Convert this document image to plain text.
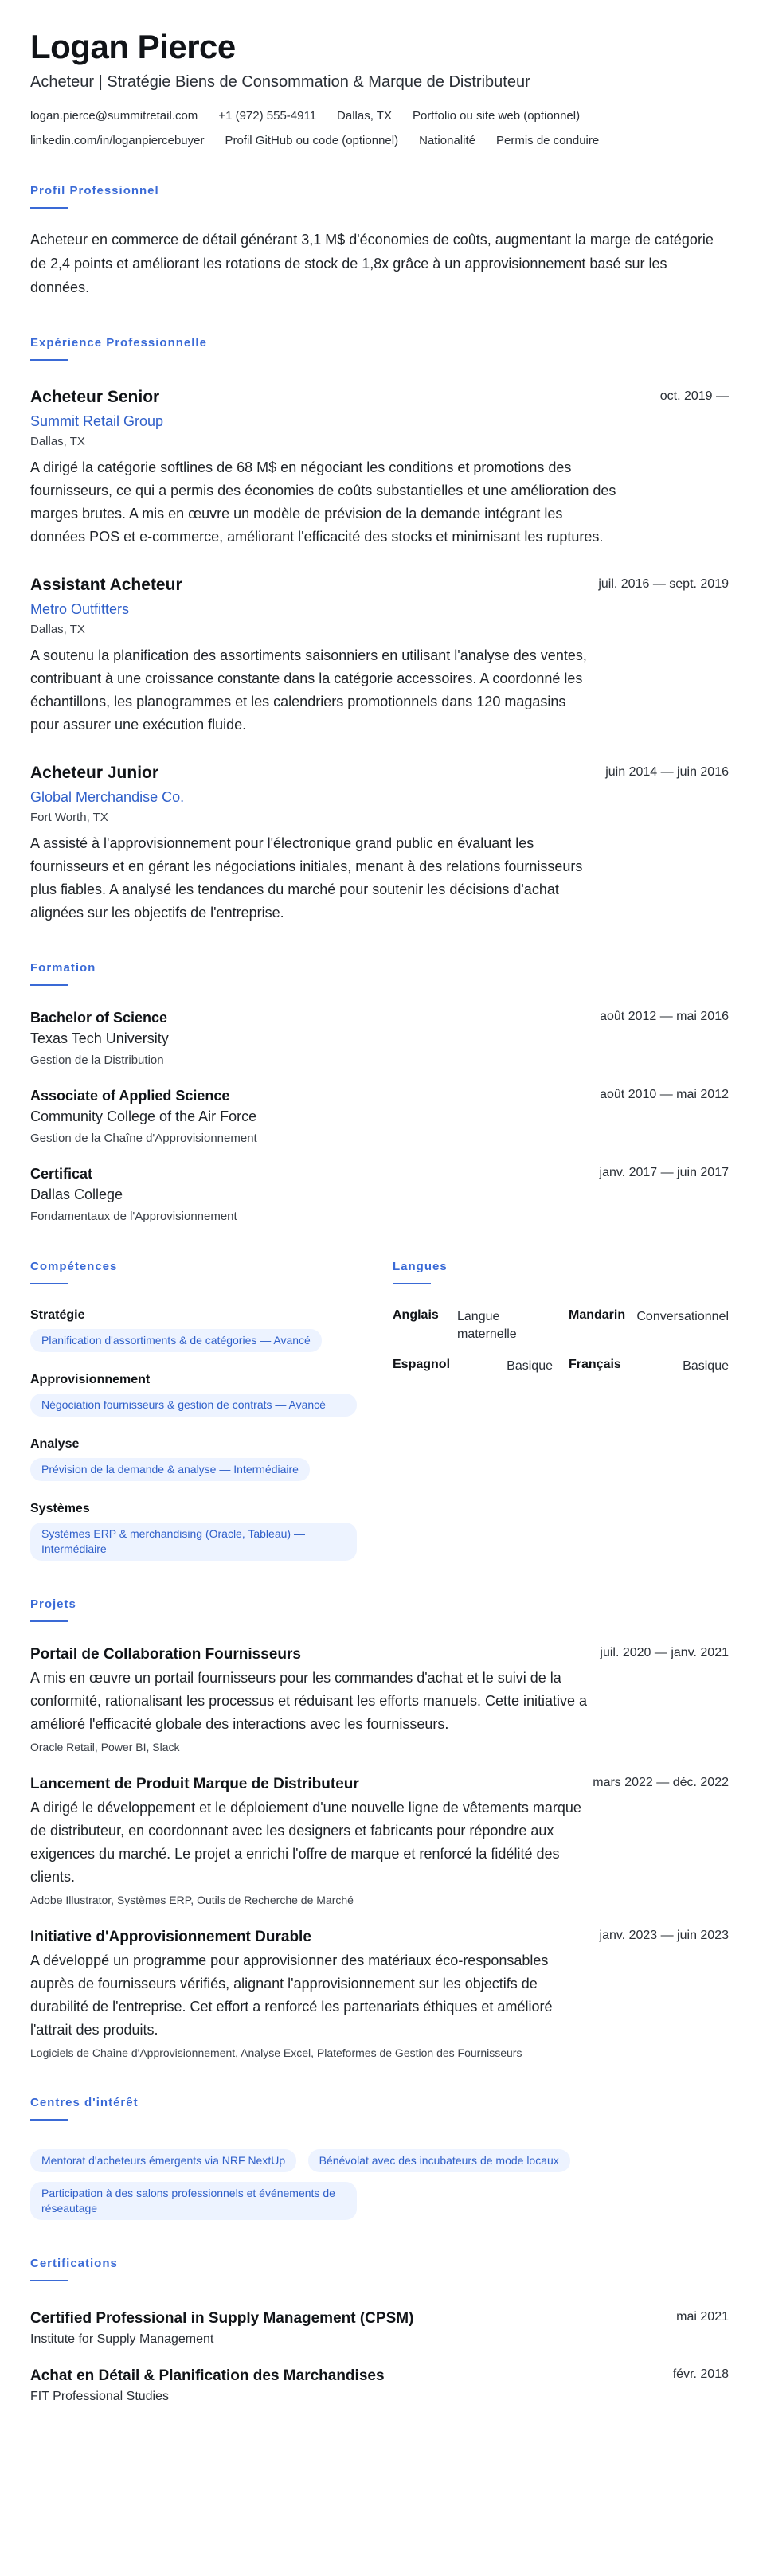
Logan Pierce
Acheteur | Stratégie Biens de Consommation & Marque de Distributeur
logan.pierce@summitretail.com +1 (972) 555-4911 Dallas, TX Portfolio ou site web (optionnel)
linkedin.com/in/loganpiercebuyer Profil GitHub ou code (optionnel) Nationalité Permis de conduire
Profil Professionnel
Acheteur en commerce de détail générant 3,1 M$ d'économies de coûts, augmentant la marge de catégorie de 2,4 points et améliorant les rotations de stock de 1,8x grâce à un approvisionnement basé sur les données.
Expérience Professionnelle
Acheteur Senior
Summit Retail Group
Dallas, TX
A dirigé la catégorie softlines de 68 M$ en négociant les conditions et promotions des fournisseurs, ce qui a permis des économies de coûts substantielles et une amélioration des marges brutes. A mis en œuvre un modèle de prévision de la demande intégrant les données POS et e-commerce, améliorant l'efficacité des stocks et minimisant les ruptures.
oct. 2019 —
Assistant Acheteur
Metro Outfitters
Dallas, TX
A soutenu la planification des assortiments saisonniers en utilisant l'analyse des ventes, contribuant à une croissance constante dans la catégorie accessoires. A coordonné les échantillons, les planogrammes et les calendriers promotionnels dans 120 magasins pour assurer une exécution fluide.
juil. 2016 — sept. 2019
Acheteur Junior
Global Merchandise Co.
Fort Worth, TX
A assisté à l'approvisionnement pour l'électronique grand public en évaluant les fournisseurs et en gérant les négociations initiales, menant à des relations fournisseurs plus fiables. A analysé les tendances du marché pour soutenir les décisions d'achat alignées sur les objectifs de l'entreprise.
juin 2014 — juin 2016
Formation
Bachelor of Science
Texas Tech University
Gestion de la Distribution
août 2012 — mai 2016
Associate of Applied Science
Community College of the Air Force
Gestion de la Chaîne d'Approvisionnement
août 2010 — mai 2012
Certificat
Dallas College
Fondamentaux de l'Approvisionnement
janv. 2017 — juin 2017
Compétences
Stratégie
Planification d'assortiments & de catégories — Avancé
Approvisionnement
Négociation fournisseurs & gestion de contrats — Avancé
Analyse
Prévision de la demande & analyse — Intermédiaire
Systèmes
Systèmes ERP & merchandising (Oracle, Tableau) — Intermédiaire
Langues
Anglais Langue maternelle
Mandarin Conversationnel
Espagnol	Basique Français	Basique
Projets
Portail de Collaboration Fournisseurs
A mis en œuvre un portail fournisseurs pour les commandes d'achat et le suivi de la conformité, rationalisant les processus et réduisant les efforts manuels. Cette initiative a amélioré l'efficacité globale des interactions avec les fournisseurs.
Oracle Retail, Power BI, Slack
juil. 2020 — janv. 2021
Lancement de Produit Marque de Distributeur
A dirigé le développement et le déploiement d'une nouvelle ligne de vêtements marque de distributeur, en coordonnant avec les designers et fabricants pour répondre aux exigences du marché. Le projet a enrichi l'offre de marque et renforcé la fidélité des clients.
Adobe Illustrator, Systèmes ERP, Outils de Recherche de Marché
mars 2022 — déc. 2022
Initiative d'Approvisionnement Durable
A développé un programme pour approvisionner des matériaux éco-responsables auprès de fournisseurs vérifiés, alignant l'approvisionnement sur les objectifs de durabilité de l'entreprise. Cet effort a renforcé les partenariats éthiques et amélioré l'attrait des produits.
Logiciels de Chaîne d'Approvisionnement, Analyse Excel, Plateformes de Gestion des Fournisseurs
janv. 2023 — juin 2023
Centres d'intérêt
Mentorat d'acheteurs émergents via NRF NextUp	Bénévolat avec des incubateurs de mode locaux Participation à des salons professionnels et événements de réseautage
Certifications
Certified Professional in Supply Management (CPSM)
Institute for Supply Management
mai 2021
Achat en Détail & Planification des Marchandises
FIT Professional Studies
févr. 2018
